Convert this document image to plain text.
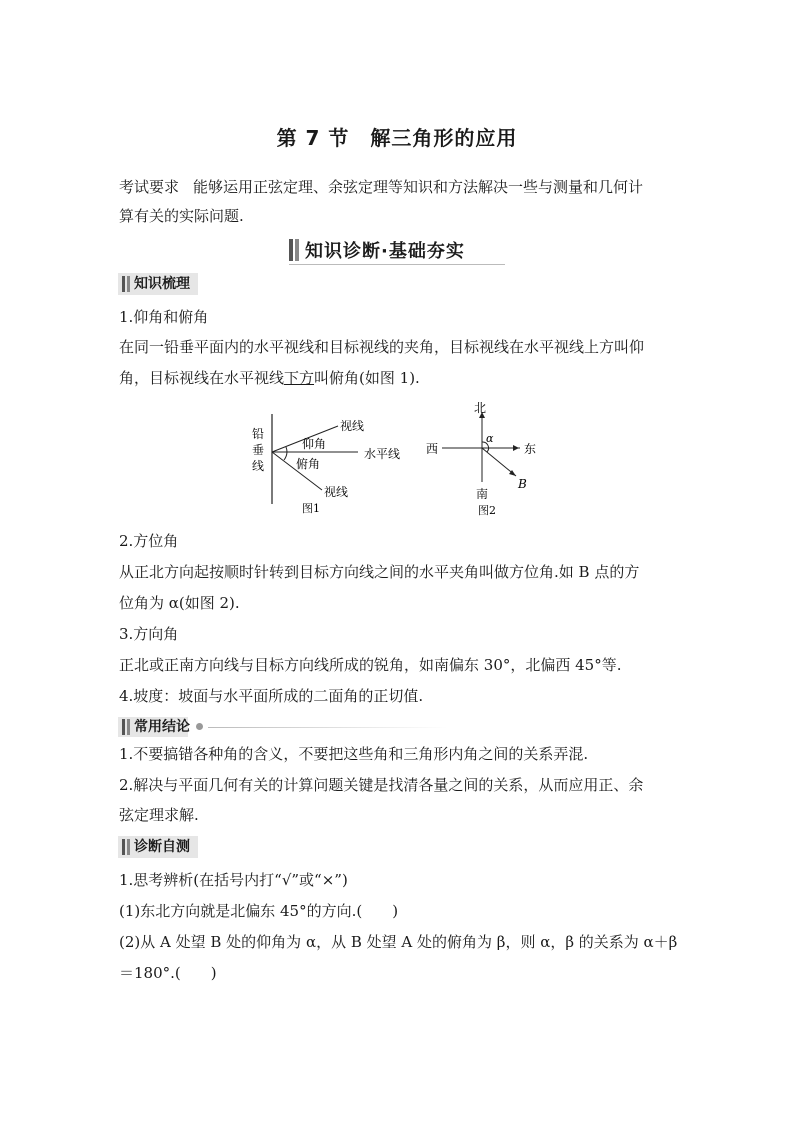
第 7 节　解三角形的应用
考试要求 能够运用正弦定理、余弦定理等知识和方法解决一些与测量和几何计
算有关的实际问题.
知识诊断·基础夯实
知识梳理
1.仰角和俯角
在同一铅垂平面内的水平视线和目标视线的夹角，目标视线在水平视线上方叫仰
角，目标视线在水平视线下方叫俯角(如图 1).
铅
垂
线
视线
仰角
水平线
俯角
视线
图1
北
西	东
南
α
B
图2
2.方位角
从正北方向起按顺时针转到目标方向线之间的水平夹角叫做方位角.如 B 点的方
位角为 α(如图 2).
3.方向角
正北或正南方向线与目标方向线所成的锐角，如南偏东 30°，北偏西 45°等.
4.坡度：坡面与水平面所成的二面角的正切值.
常用结论
1.不要搞错各种角的含义，不要把这些角和三角形内角之间的关系弄混.
2.解决与平面几何有关的计算问题关键是找清各量之间的关系，从而应用正、余
弦定理求解.
诊断自测
1.思考辨析(在括号内打“√”或“×”)
(1)东北方向就是北偏东 45°的方向.(　　)
(2)从 A 处望 B 处的仰角为 α，从 B 处望 A 处的俯角为 β，则 α，β 的关系为 α＋β
＝180°.(　　)
